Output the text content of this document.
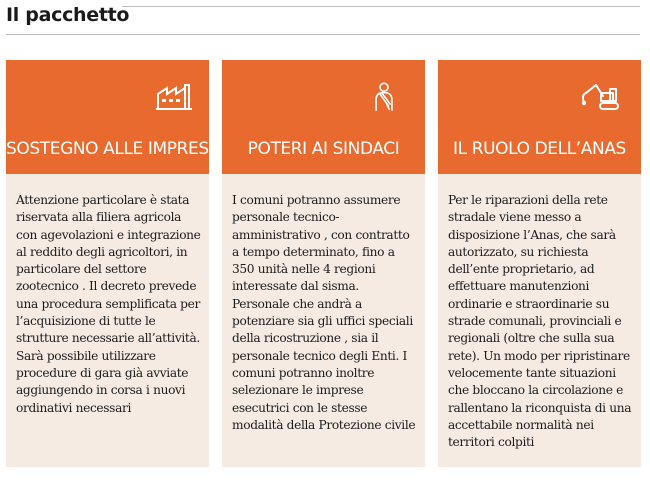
Il pacchetto
SOSTEGNO ALLE IMPRESE
Attenzione particolare è stata riservata alla filiera agricola con agevolazioni e integrazione al reddito degli agricoltori, in particolare del settore zootecnico . Il decreto prevede una procedura semplificata per l’acquisizione di tutte le strutture necessarie all’attività. Sarà possibile utilizzare procedure di gara già avviate aggiungendo in corsa i nuovi ordinativi necessari
POTERI AI SINDACI
I comuni potranno assumere personale tecnico-amministrativo , con contratto a tempo determinato, fino a 350 unità nelle 4 regioni interessate dal sisma. Personale che andrà a potenziare sia gli uffici speciali della ricostruzione , sia il personale tecnico degli Enti. I comuni potranno inoltre selezionare le imprese esecutrici con le stesse modalità della Protezione civile
IL RUOLO DELL’ANAS
Per le riparazioni della rete stradale viene messo a disposizione l’Anas, che sarà autorizzato, su richiesta dell’ente proprietario, ad effettuare manutenzioni ordinarie e straordinarie su strade comunali, provinciali e regionali (oltre che sulla sua rete). Un modo per ripristinare velocemente tante situazioni che bloccano la circolazione e rallentano la riconquista di una accettabile normalità nei territori colpiti
